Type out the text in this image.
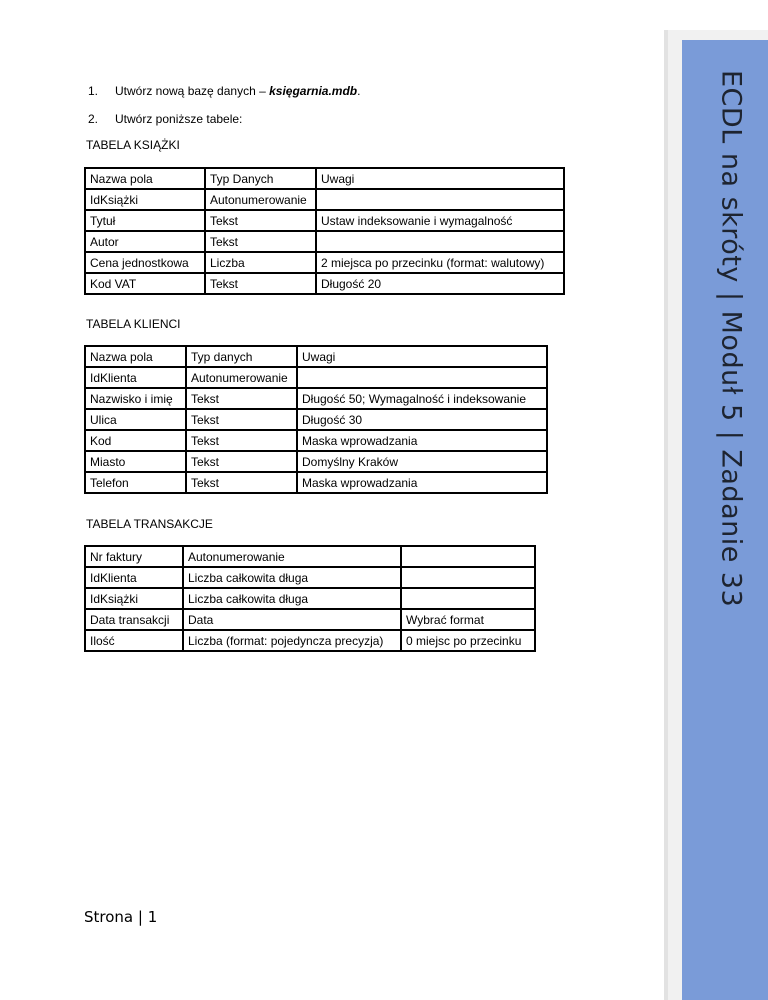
ECDL na skróty | Moduł 5 | Zadanie 33
1. Utwórz nową bazę danych – księgarnia.mdb.
2. Utwórz poniższe tabele:
TABELA KSIĄŻKI
Nazwa pola	Typ Danych	Uwagi
IdKsiążki	Autonumerowanie	
Tytuł	Tekst	Ustaw indeksowanie i wymagalność
Autor	Tekst	
Cena jednostkowa	Liczba	2 miejsca po przecinku (format: walutowy)
Kod VAT	Tekst	Długość 20
TABELA KLIENCI
Nazwa pola	Typ danych	Uwagi
IdKlienta	Autonumerowanie	
Nazwisko i imię	Tekst	Długość 50; Wymagalność i indeksowanie
Ulica	Tekst	Długość 30
Kod	Tekst	Maska wprowadzania
Miasto	Tekst	Domyślny Kraków
Telefon	Tekst	Maska wprowadzania
TABELA TRANSAKCJE
Nr faktury	Autonumerowanie	
IdKlienta	Liczba całkowita długa	
IdKsiążki	Liczba całkowita długa	
Data transakcji	Data	Wybrać format
Ilość	Liczba (format: pojedyncza precyzja)	0 miejsc po przecinku
Strona | 1
